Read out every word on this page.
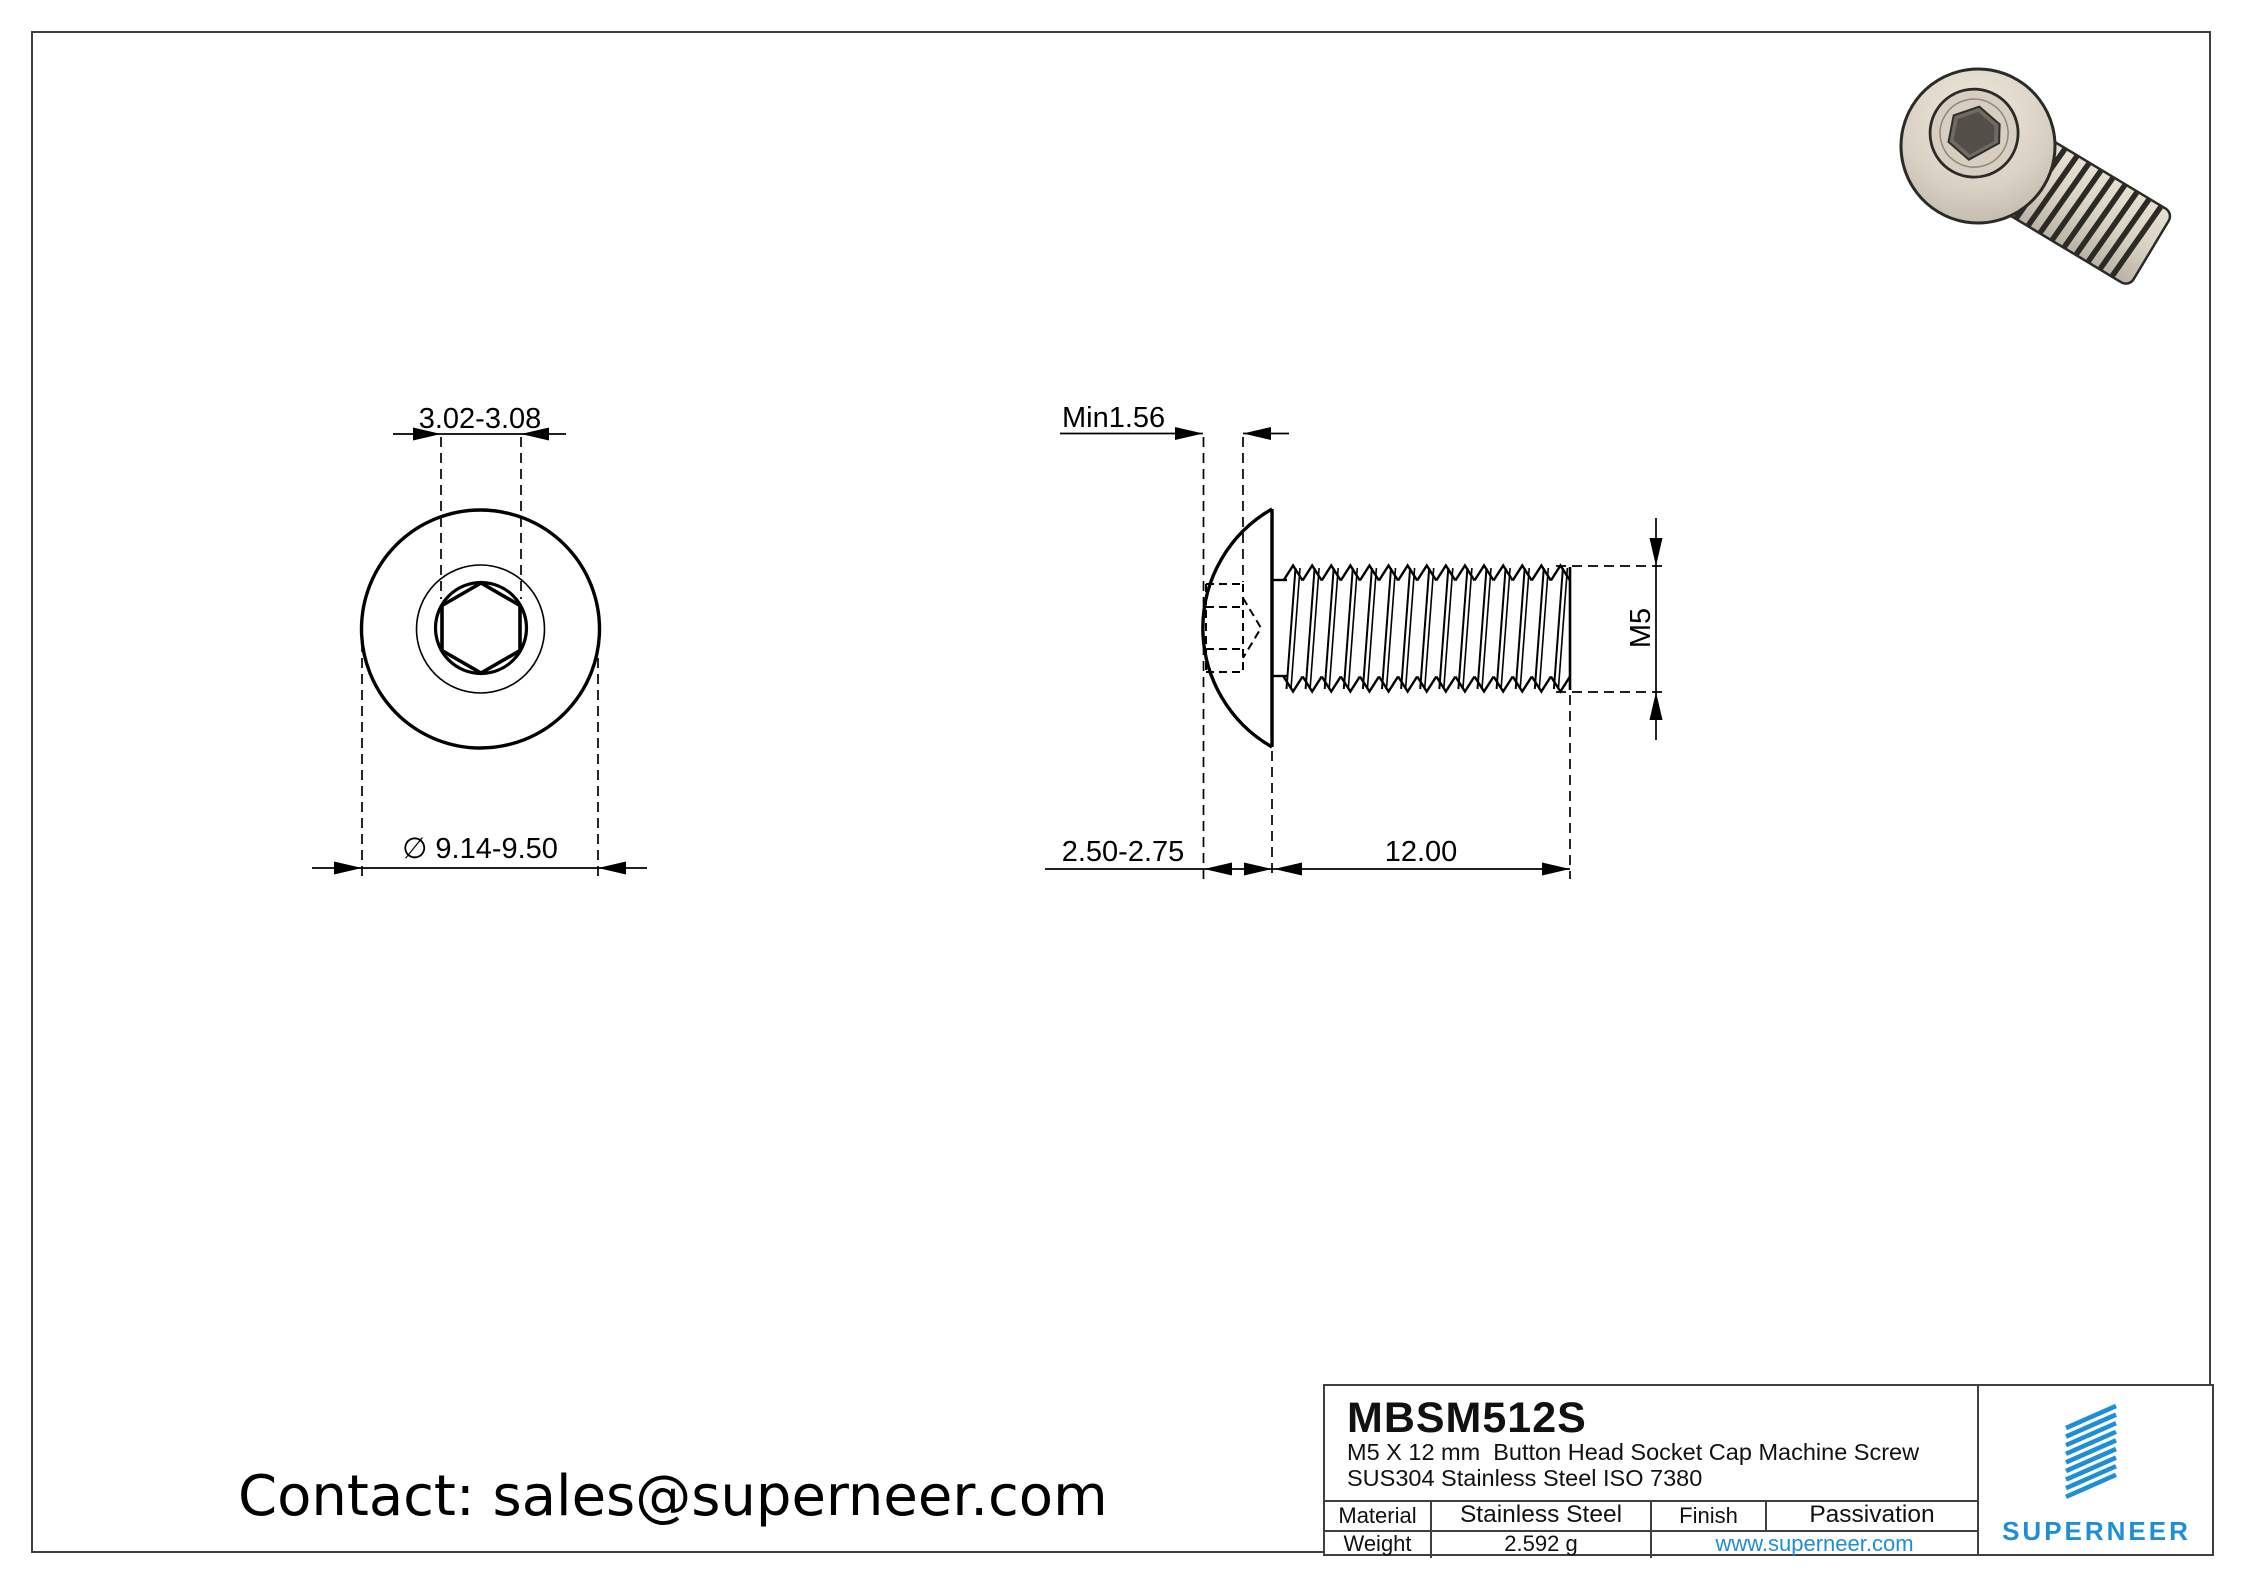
3.02-3.08
∅ 9.14-9.50
Min1.56
2.50-2.75	12.00
M5
MBSM512S
M5 X 12 mm  Button Head Socket Cap Machine Screw
SUS304 Stainless Steel ISO 7380
Material	Stainless Steel	Finish	Passivation
Weight	2.592 g	www.superneer.com	SUPERNEER
Contact: sales@superneer.com
